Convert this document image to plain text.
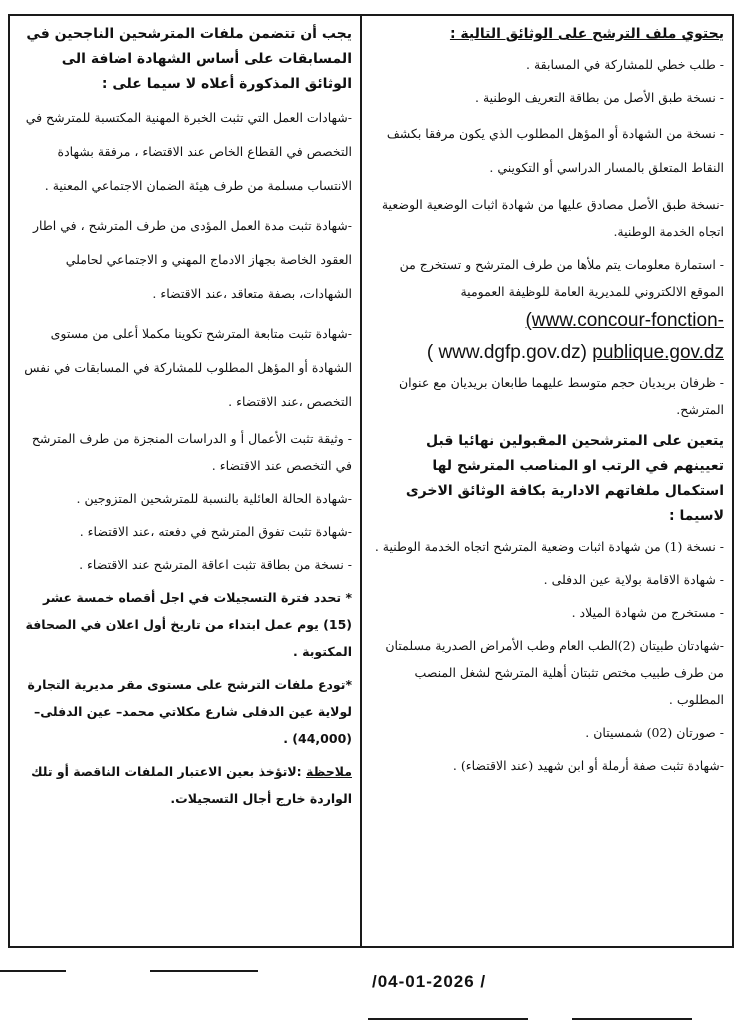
يحتوي ملف الترشح على الوثائق التالية :

- طلب خطي للمشاركة في المسابقة .

- نسخة طبق الأصل من بطاقة التعريف الوطنية .

- نسخة من الشهادة أو المؤهل المطلوب الذي يكون مرفقا بكشف النقاط المتعلق بالمسار الدراسي أو التكويني .

-نسخة طبق الأصل مصادق عليها من شهادة اثبات الوضعية الوضعية اتجاه الخدمة الوطنية.

- استمارة معلومات يتم ملأها من طرف المترشح و تستخرج من الموقع الالكتروني للمديرية العامة للوظيفة العمومية

(www.concour-fonction-

( www.dgfp.gov.dz) publique.gov.dz

- ظرفان بريديان حجم متوسط عليهما طابعان بريديان مع عنوان المترشح.

يتعين على المترشحين المقبولين نهائيا قبل تعيينهم في الرتب او المناصب المترشح لها استكمال ملفاتهم الادارية بكافة الوثائق الاخرى لاسيما :

- نسخة (1) من شهادة اثبات وضعية المترشح اتجاه الخدمة الوطنية .

- شهادة الاقامة بولاية عين الدفلى .

- مستخرج من شهادة الميلاد .

-شهادتان طبيتان (2)الطب العام وطب الأمراض الصدرية مسلمتان من طرف طبيب مختص تثبتان أهلية المترشح لشغل المنصب المطلوب .

- صورتان (02) شمسيتان .

-شهادة تثبت صفة أرملة أو ابن شهيد (عند الاقتضاء) .

يجب أن تتضمن ملفات المترشحين الناجحين في المسابقات على أساس الشهادة اضافة الى الوثائق المذكورة أعلاه لا سيما على :

-شهادات العمل التي تثبت الخبرة المهنية المكتسبة للمترشح في التخصص في القطاع الخاص عند الاقتضاء ، مرفقة بشهادة الانتساب مسلمة من طرف هيئة الضمان الاجتماعي المعنية .

-شهادة تثبت مدة العمل المؤدى من طرف المترشح ، في اطار العقود الخاصة بجهاز الادماج المهني و الاجتماعي لحاملي الشهادات، بصفة متعاقد ،عند الاقتضاء .

-شهادة تثبت متابعة المترشح تكوينا مكملا أعلى من مستوى الشهادة أو المؤهل المطلوب للمشاركة في المسابقات في نفس التخصص ،عند الاقتضاء .

- وثيقة تثبت الأعمال أ و الدراسات المنجزة من طرف المترشح في التخصص عند الاقتضاء .

-شهادة الحالة العائلية بالنسبة للمترشحين المتزوجين .

-شهادة تثبت تفوق المترشح في دفعته ،عند الاقتضاء .

- نسخة من بطاقة تثبت اعاقة المترشح عند الاقتضاء .

* تحدد فترة التسجيلات في اجل أقصاه خمسة عشر (15) يوم عمل ابتداء من تاريخ أول اعلان في الصحافة المكتوبة .

*تودع ملفات الترشح على مستوى مقر مديرية التجارة لولاية عين الدفلى شارع مكلاتي محمد– عين الدفلى– (44,000) .

ملاحظة :لاتؤخذ بعين الاعتبار الملفات الناقصة أو تلك الواردة خارج أجال التسجيلات.

/04-01-2026 /
